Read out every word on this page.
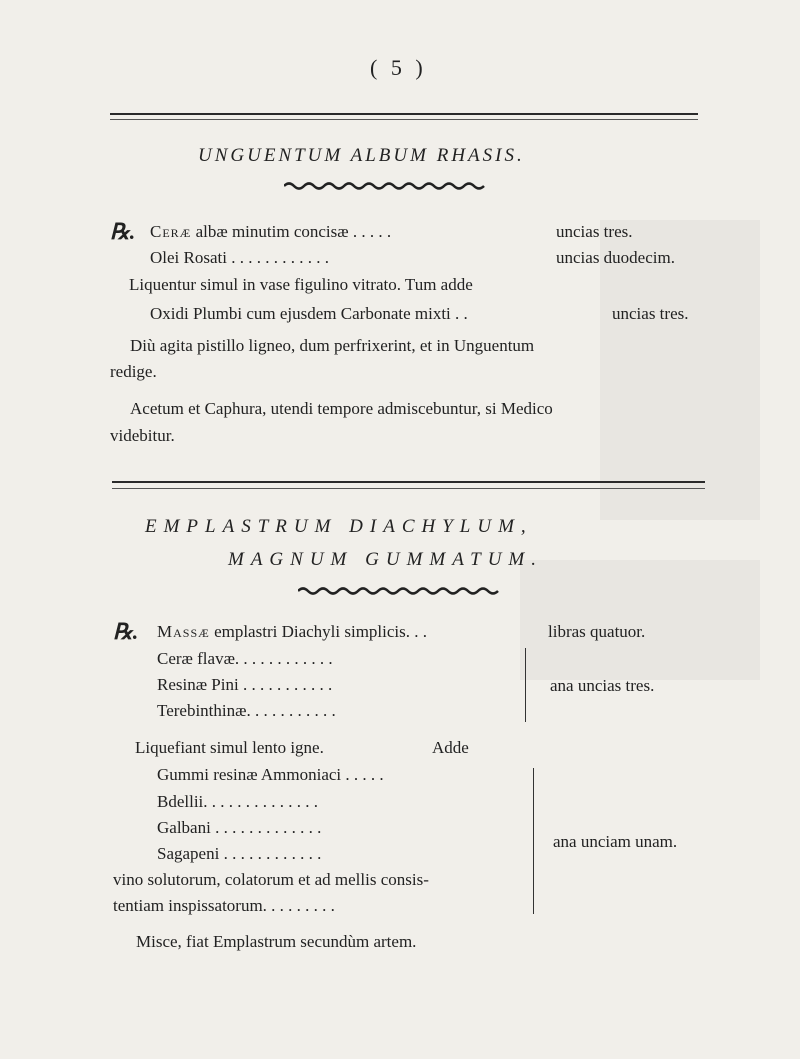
( 5 )
UNGUENTUM ALBUM RHASIS.
℞. Ceræ albæ minutim concisæ . . . . .	uncias tres.
Olei Rosati . . . . . . . . . . . .	uncias duodecim.
Liquentur simul in vase figulino vitrato. Tum adde
Oxidi Plumbi cum ejusdem Carbonate mixti . .	uncias tres.
Diù agita pistillo ligneo, dum perfrixerint, et in Unguentum
redige.
Acetum et Caphura, utendi tempore admiscebuntur, si Medico
videbitur.
EMPLASTRUM DIACHYLUM,
MAGNUM GUMMATUM.
℞. Massæ emplastri Diachyli simplicis. . .	libras quatuor.
Ceræ flavæ. . . . . . . . . . . .
Resinæ Pini . . . . . . . . . . .
Terebinthinæ. . . . . . . . . . .
ana uncias tres.
Liquefiant simul lento igne.	Adde
Gummi resinæ Ammoniaci . . . . .
Bdellii. . . . . . . . . . . . . .
Galbani . . . . . . . . . . . . .
Sagapeni . . . . . . . . . . . .
vino solutorum, colatorum et ad mellis consis-
tentiam inspissatorum. . . . . . . . .
ana unciam unam.
Misce, fiat Emplastrum secundùm artem.
